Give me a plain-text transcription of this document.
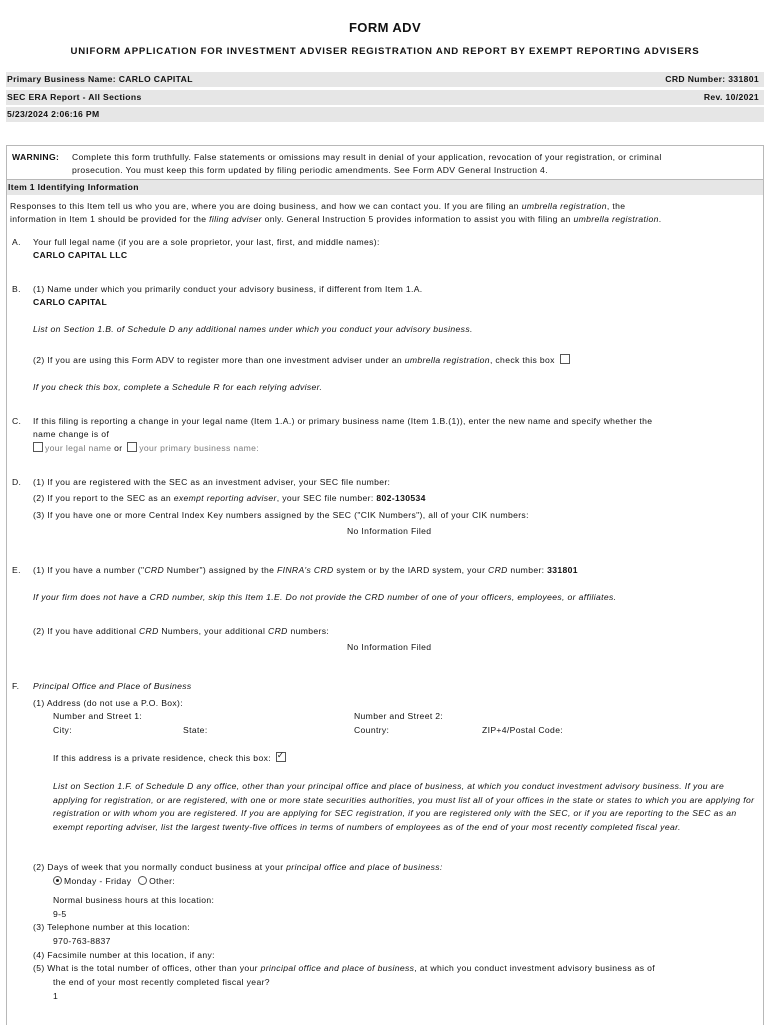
FORM ADV
UNIFORM APPLICATION FOR INVESTMENT ADVISER REGISTRATION AND REPORT BY EXEMPT REPORTING ADVISERS
Primary Business Name: CARLO CAPITAL	CRD Number: 331801
SEC ERA Report - All Sections	Rev. 10/2021
5/23/2024 2:06:16 PM
WARNING: Complete this form truthfully. False statements or omissions may result in denial of your application, revocation of your registration, or criminal
prosecution. You must keep this form updated by filing periodic amendments. See Form ADV General Instruction 4.
Item 1 Identifying Information
Responses to this Item tell us who you are, where you are doing business, and how we can contact you. If you are filing an umbrella registration, the
information in Item 1 should be provided for the filing adviser only. General Instruction 5 provides information to assist you with filing an umbrella registration.
A. Your full legal name (if you are a sole proprietor, your last, first, and middle names):
CARLO CAPITAL LLC
B. (1) Name under which you primarily conduct your advisory business, if different from Item 1.A.
CARLO CAPITAL
List on Section 1.B. of Schedule D any additional names under which you conduct your advisory business.
(2) If you are using this Form ADV to register more than one investment adviser under an umbrella registration, check this box
If you check this box, complete a Schedule R for each relying adviser.
C. If this filing is reporting a change in your legal name (Item 1.A.) or primary business name (Item 1.B.(1)), enter the new name and specify whether the
name change is of
your legal name or your primary business name:
D. (1) If you are registered with the SEC as an investment adviser, your SEC file number:
(2) If you report to the SEC as an exempt reporting adviser, your SEC file number: 802-130534
(3) If you have one or more Central Index Key numbers assigned by the SEC ("CIK Numbers"), all of your CIK numbers:
No Information Filed
E. (1) If you have a number ("CRD Number") assigned by the FINRA's CRD system or by the IARD system, your CRD number: 331801
If your firm does not have a CRD number, skip this Item 1.E. Do not provide the CRD number of one of your officers, employees, or affiliates.
(2) If you have additional CRD Numbers, your additional CRD numbers:
No Information Filed
F. Principal Office and Place of Business
(1) Address (do not use a P.O. Box):
Number and Street 1:	Number and Street 2:
City:	State:	Country:	ZIP+4/Postal Code:
If this address is a private residence, check this box: ✓
List on Section 1.F. of Schedule D any office, other than your principal office and place of business, at which you conduct investment advisory business. If you are applying for registration, or are registered, with one or more state securities authorities, you must list all of your offices in the state or states to which you are applying for registration or with whom you are registered. If you are applying for SEC registration, if you are registered only with the SEC, or if you are reporting to the SEC as an exempt reporting adviser, list the largest twenty-five offices in terms of numbers of employees as of the end of your most recently completed fiscal year.
(2) Days of week that you normally conduct business at your principal office and place of business:
Monday - Friday Other:
Normal business hours at this location:
9-5
(3) Telephone number at this location:
970-763-8837
(4) Facsimile number at this location, if any:
(5) What is the total number of offices, other than your principal office and place of business, at which you conduct investment advisory business as of
the end of your most recently completed fiscal year?
1
